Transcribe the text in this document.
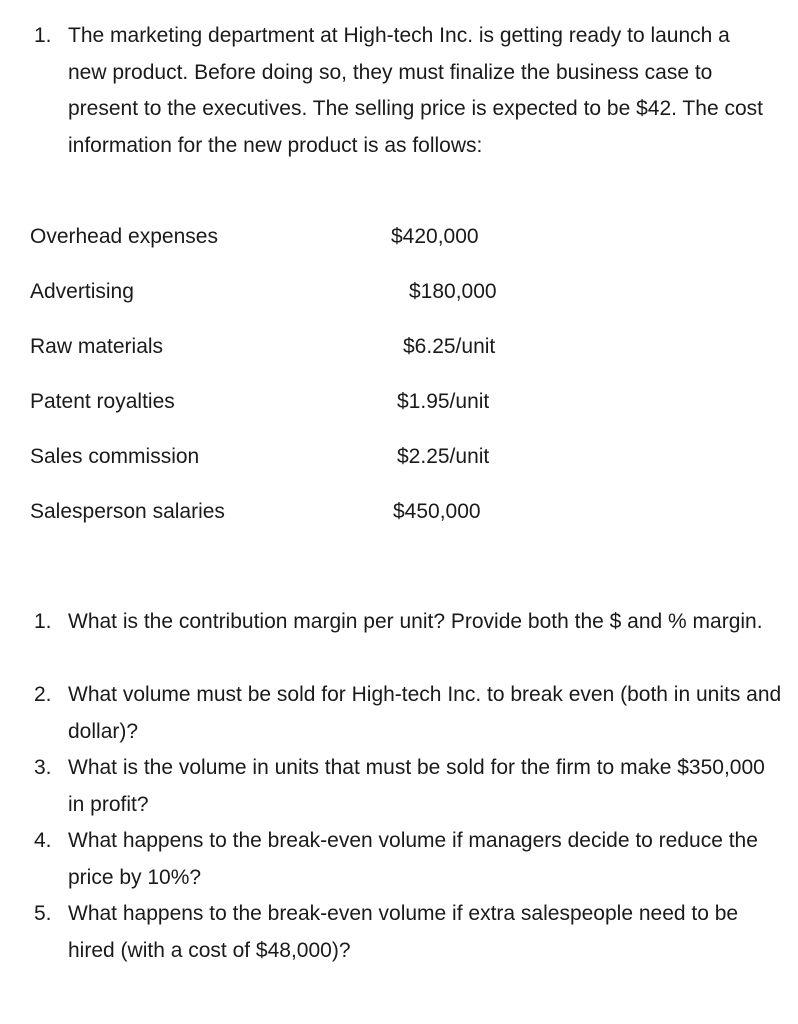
1. The marketing department at High-tech Inc. is getting ready to launch a new product. Before doing so, they must finalize the business case to present to the executives. The selling price is expected to be $42. The cost information for the new product is as follows:
Overhead expenses	$420,000
Advertising	$180,000
Raw materials	$6.25/unit
Patent royalties	$1.95/unit
Sales commission	$2.25/unit
Salesperson salaries	$450,000
1. What is the contribution margin per unit? Provide both the $ and % margin.
2. What volume must be sold for High-tech Inc. to break even (both in units and dollar)?
3. What is the volume in units that must be sold for the firm to make $350,000 in profit?
4. What happens to the break-even volume if managers decide to reduce the price by 10%?
5. What happens to the break-even volume if extra salespeople need to be hired (with a cost of $48,000)?
